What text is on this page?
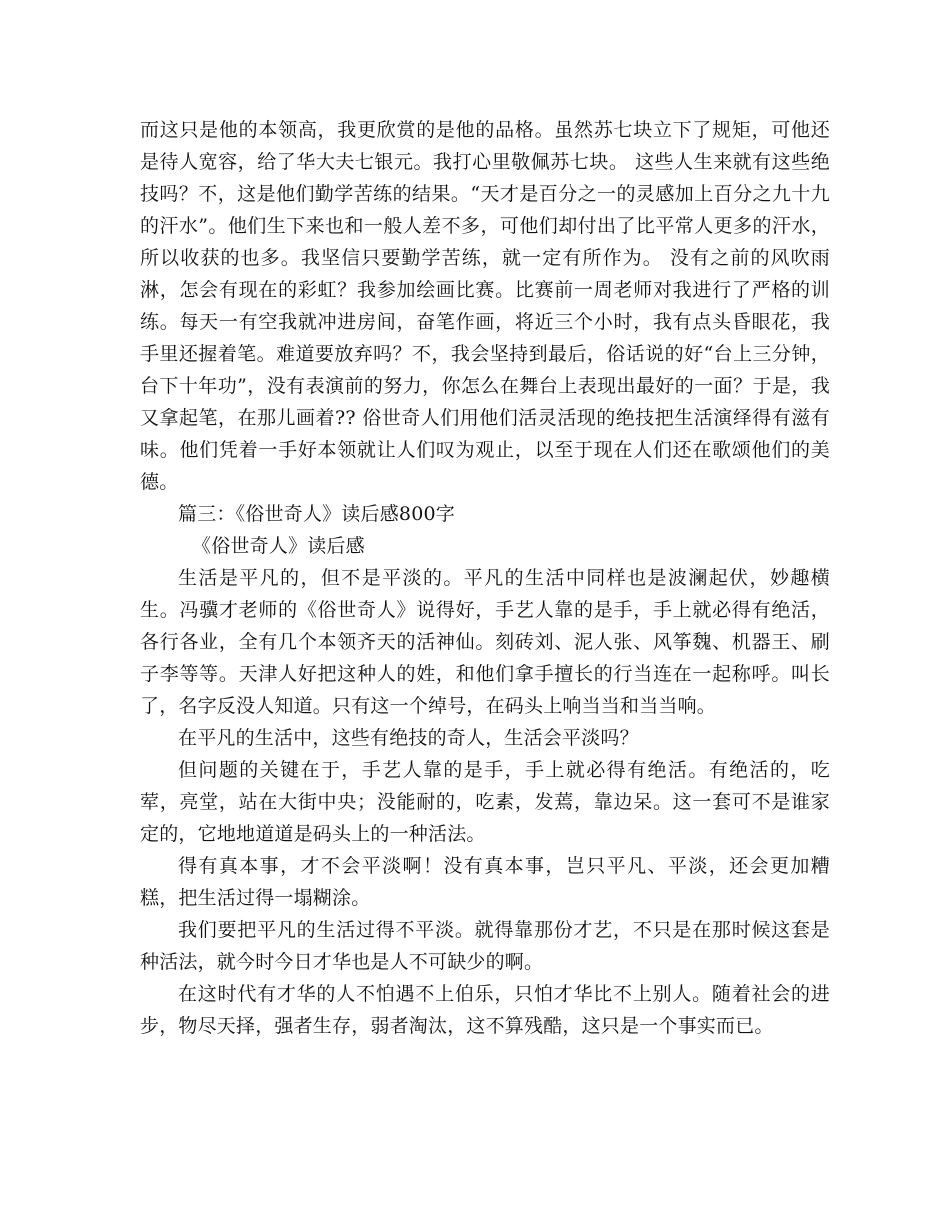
而这只是他的本领高，我更欣赏的是他的品格。虽然苏七块立下了规矩，可他还是待人宽容，给了华大夫七银元。我打心里敬佩苏七块。 这些人生来就有这些绝技吗？不，这是他们勤学苦练的结果。“天才是百分之一的灵感加上百分之九十九的汗水”。他们生下来也和一般人差不多，可他们却付出了比平常人更多的汗水，所以收获的也多。我坚信只要勤学苦练，就一定有所作为。 没有之前的风吹雨淋，怎会有现在的彩虹？我参加绘画比赛。比赛前一周老师对我进行了严格的训练。每天一有空我就冲进房间，奋笔作画，将近三个小时，我有点头昏眼花，我手里还握着笔。难道要放弃吗？不，我会坚持到最后，俗话说的好“台上三分钟，台下十年功”，没有表演前的努力，你怎么在舞台上表现出最好的一面？于是，我又拿起笔，在那儿画着?? 俗世奇人们用他们活灵活现的绝技把生活演绎得有滋有味。他们凭着一手好本领就让人们叹为观止，以至于现在人们还在歌颂他们的美德。

篇三：《俗世奇人》读后感800字

《俗世奇人》读后感

生活是平凡的，但不是平淡的。平凡的生活中同样也是波澜起伏，妙趣横生。冯骥才老师的《俗世奇人》说得好，手艺人靠的是手，手上就必得有绝活，各行各业，全有几个本领齐天的活神仙。刻砖刘、泥人张、风筝魏、机器王、刷子李等等。天津人好把这种人的姓，和他们拿手擅长的行当连在一起称呼。叫长了，名字反没人知道。只有这一个绰号，在码头上响当当和当当响。

在平凡的生活中，这些有绝技的奇人，生活会平淡吗？

但问题的关键在于，手艺人靠的是手，手上就必得有绝活。有绝活的，吃荤，亮堂，站在大街中央；没能耐的，吃素，发蔫，靠边呆。这一套可不是谁家定的，它地地道道是码头上的一种活法。

得有真本事，才不会平淡啊！没有真本事，岂只平凡、平淡，还会更加糟糕，把生活过得一塌糊涂。

我们要把平凡的生活过得不平淡。就得靠那份才艺，不只是在那时候这套是种活法，就今时今日才华也是人不可缺少的啊。

在这时代有才华的人不怕遇不上伯乐，只怕才华比不上别人。随着社会的进步，物尽天择，强者生存，弱者淘汰，这不算残酷，这只是一个事实而已。
